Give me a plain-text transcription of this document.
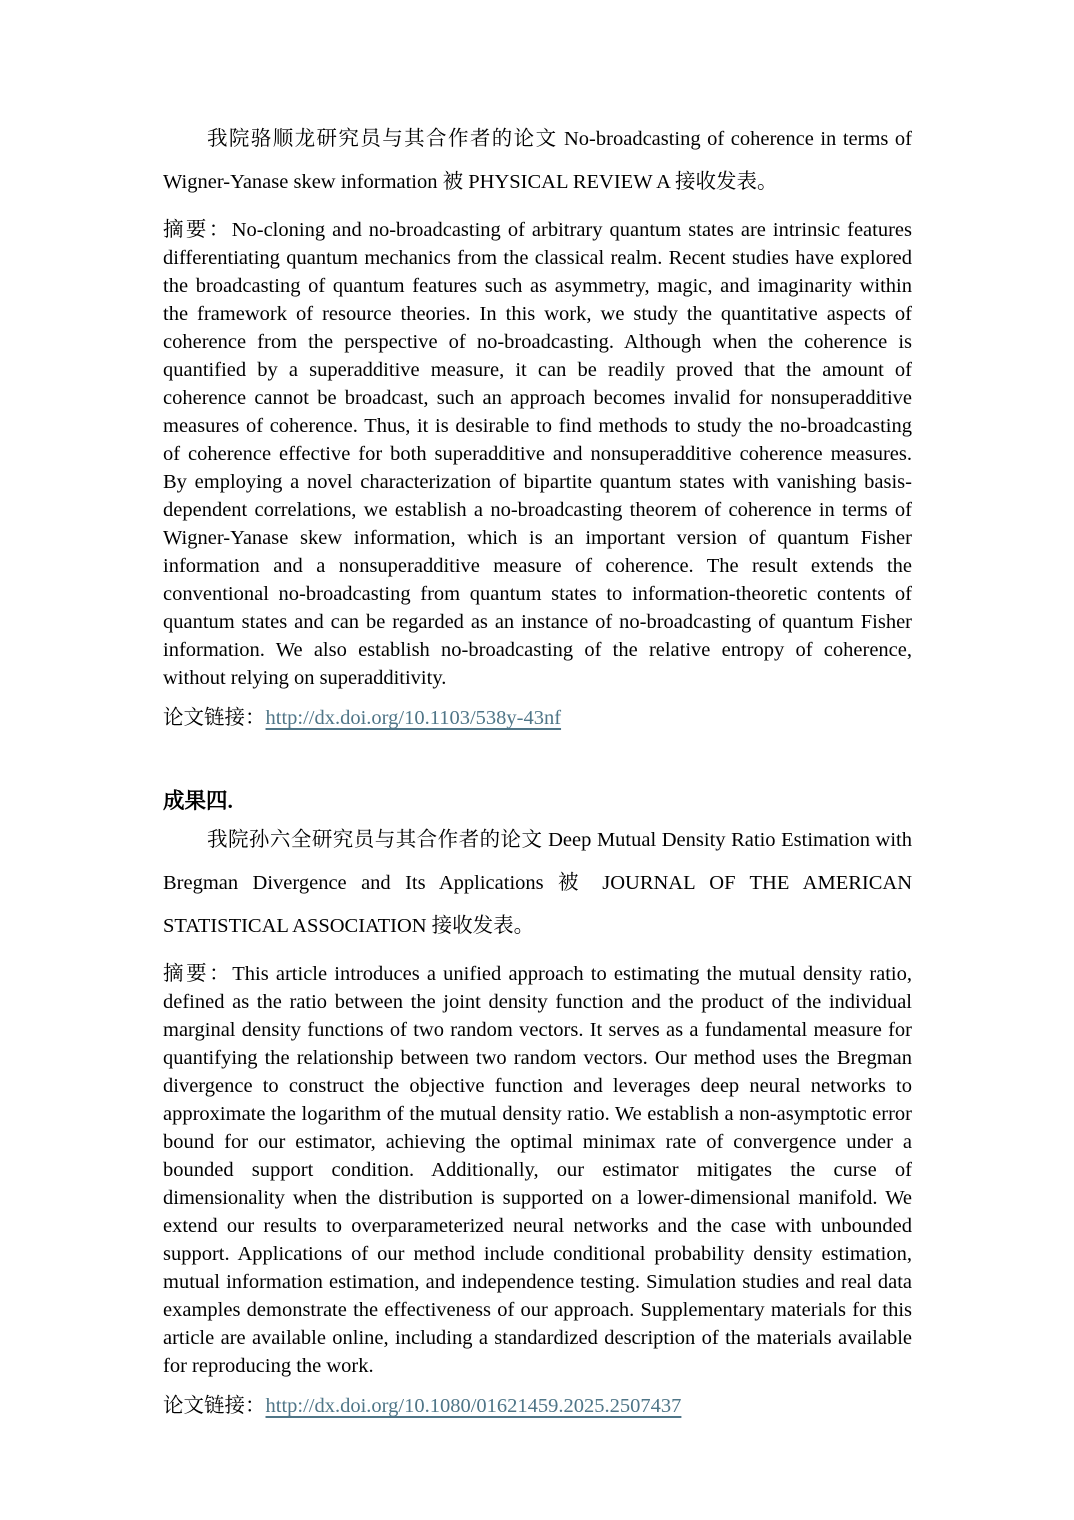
我院骆顺龙研究员与其合作者的论文 No-broadcasting of coherence in terms of Wigner-Yanase skew information 被 PHYSICAL REVIEW A 接收发表。

摘要：No-cloning and no-broadcasting of arbitrary quantum states are intrinsic features differentiating quantum mechanics from the classical realm. Recent studies have explored the broadcasting of quantum features such as asymmetry, magic, and imaginarity within the framework of resource theories. In this work, we study the quantitative aspects of coherence from the perspective of no-broadcasting. Although when the coherence is quantified by a superadditive measure, it can be readily proved that the amount of coherence cannot be broadcast, such an approach becomes invalid for nonsuperadditive measures of coherence. Thus, it is desirable to find methods to study the no-broadcasting of coherence effective for both superadditive and nonsuperadditive coherence measures. By employing a novel characterization of bipartite quantum states with vanishing basis-dependent correlations, we establish a no-broadcasting theorem of coherence in terms of Wigner-Yanase skew information, which is an important version of quantum Fisher information and a nonsuperadditive measure of coherence. The result extends the conventional no-broadcasting from quantum states to information-theoretic contents of quantum states and can be regarded as an instance of no-broadcasting of quantum Fisher information. We also establish no-broadcasting of the relative entropy of coherence, without relying on superadditivity.

论文链接：http://dx.doi.org/10.1103/538y-43nf

成果四.

我院孙六全研究员与其合作者的论文 Deep Mutual Density Ratio Estimation with Bregman Divergence and Its Applications 被 JOURNAL OF THE AMERICAN STATISTICAL ASSOCIATION 接收发表。

摘要：This article introduces a unified approach to estimating the mutual density ratio, defined as the ratio between the joint density function and the product of the individual marginal density functions of two random vectors. It serves as a fundamental measure for quantifying the relationship between two random vectors. Our method uses the Bregman divergence to construct the objective function and leverages deep neural networks to approximate the logarithm of the mutual density ratio. We establish a non-asymptotic error bound for our estimator, achieving the optimal minimax rate of convergence under a bounded support condition. Additionally, our estimator mitigates the curse of dimensionality when the distribution is supported on a lower-dimensional manifold. We extend our results to overparameterized neural networks and the case with unbounded support. Applications of our method include conditional probability density estimation, mutual information estimation, and independence testing. Simulation studies and real data examples demonstrate the effectiveness of our approach. Supplementary materials for this article are available online, including a standardized description of the materials available for reproducing the work.

论文链接：http://dx.doi.org/10.1080/01621459.2025.2507437
